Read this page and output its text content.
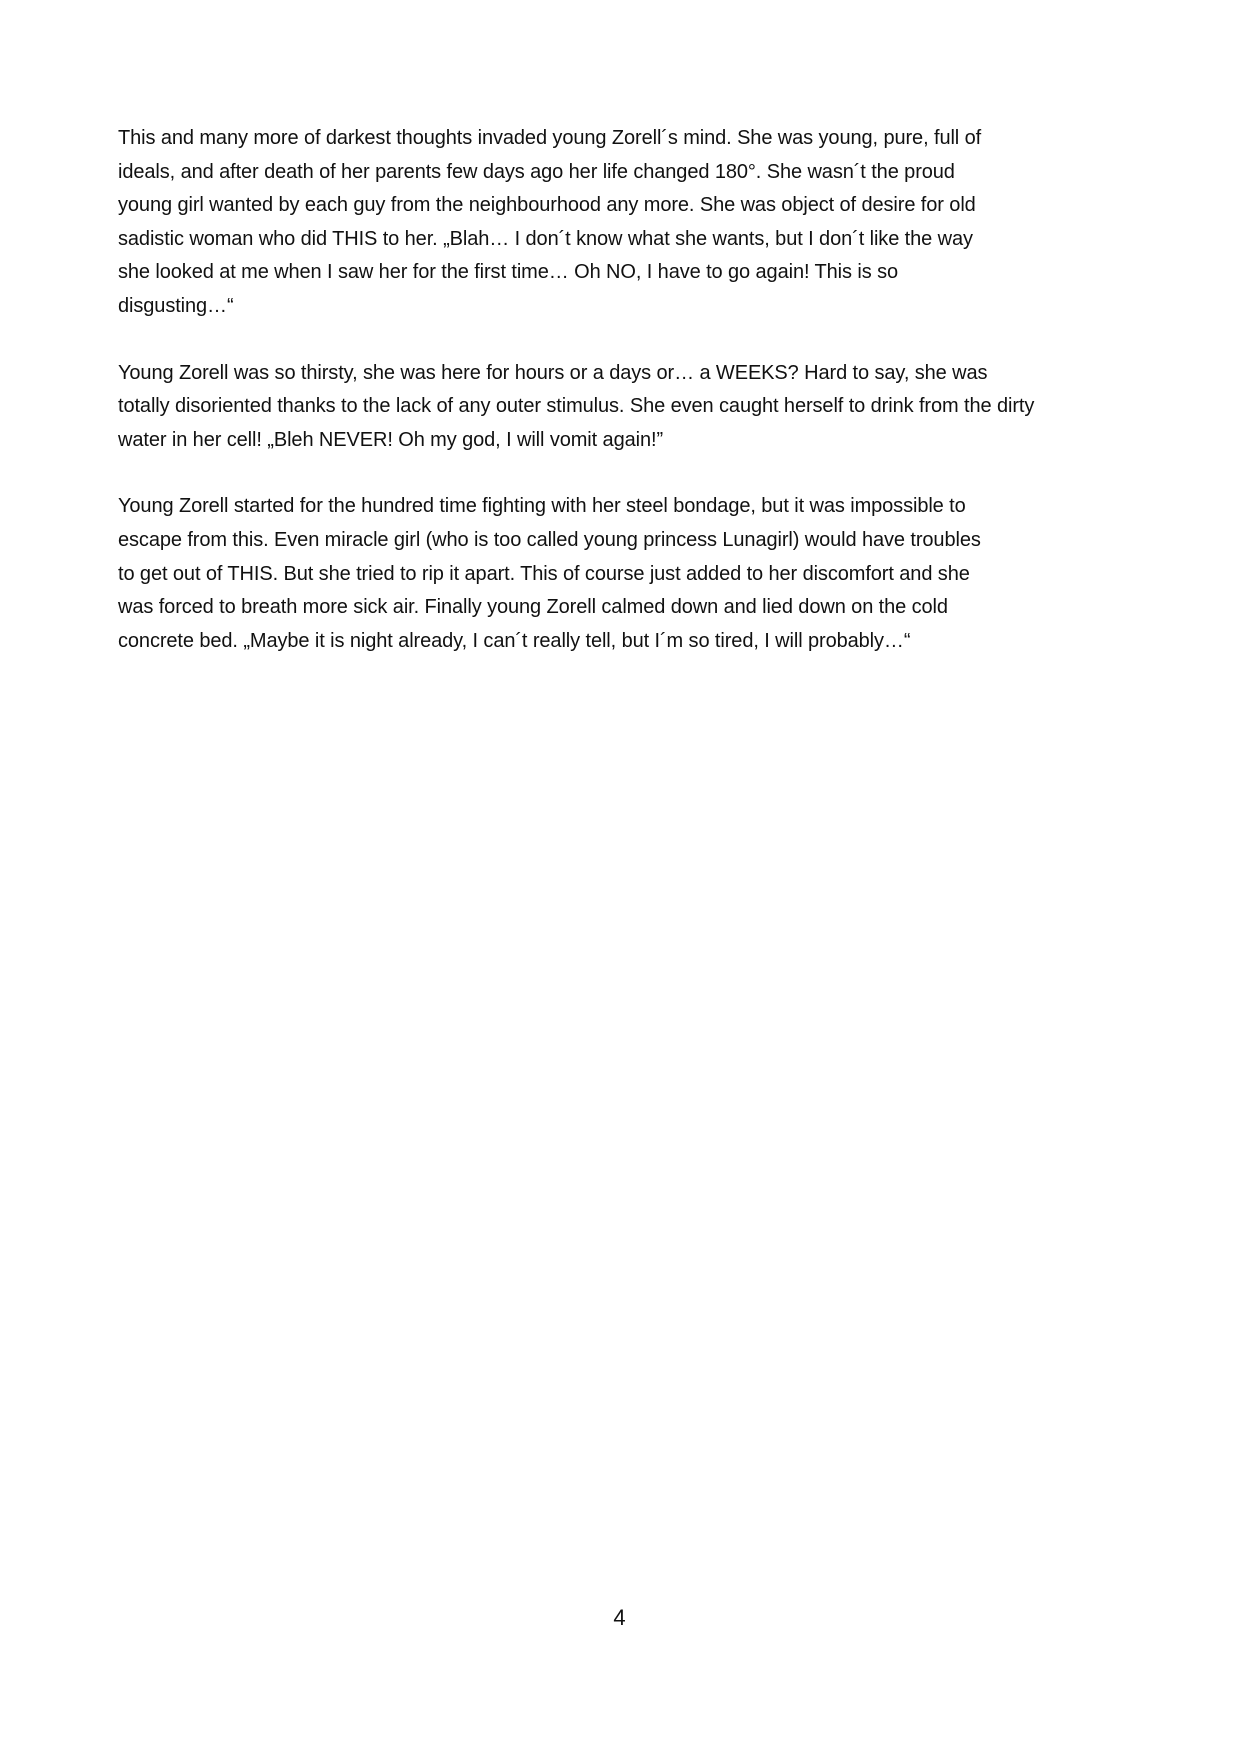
This and many more of darkest thoughts invaded young Zorell´s mind. She was young, pure, full of
ideals, and after death of her parents few days ago her life changed 180°. She wasn´t the proud
young girl wanted by each guy from the neighbourhood any more. She was object of desire for old
sadistic woman who did THIS to her. „Blah… I don´t know what she wants, but I don´t like the way
she looked at me when I saw her for the first time… Oh NO, I have to go again! This is so
disgusting…“

Young Zorell was so thirsty, she was here for hours or a days or… a WEEKS? Hard to say, she was
totally disoriented thanks to the lack of any outer stimulus. She even caught herself to drink from the dirty
water in her cell! „Bleh NEVER! Oh my god, I will vomit again!”

Young Zorell started for the hundred time fighting with her steel bondage, but it was impossible to
escape from this. Even miracle girl (who is too called young princess Lunagirl) would have troubles
to get out of THIS. But she tried to rip it apart. This of course just added to her discomfort and she
was forced to breath more sick air. Finally young Zorell calmed down and lied down on the cold
concrete bed. „Maybe it is night already, I can´t really tell, but I´m so tired, I will probably…“

4
